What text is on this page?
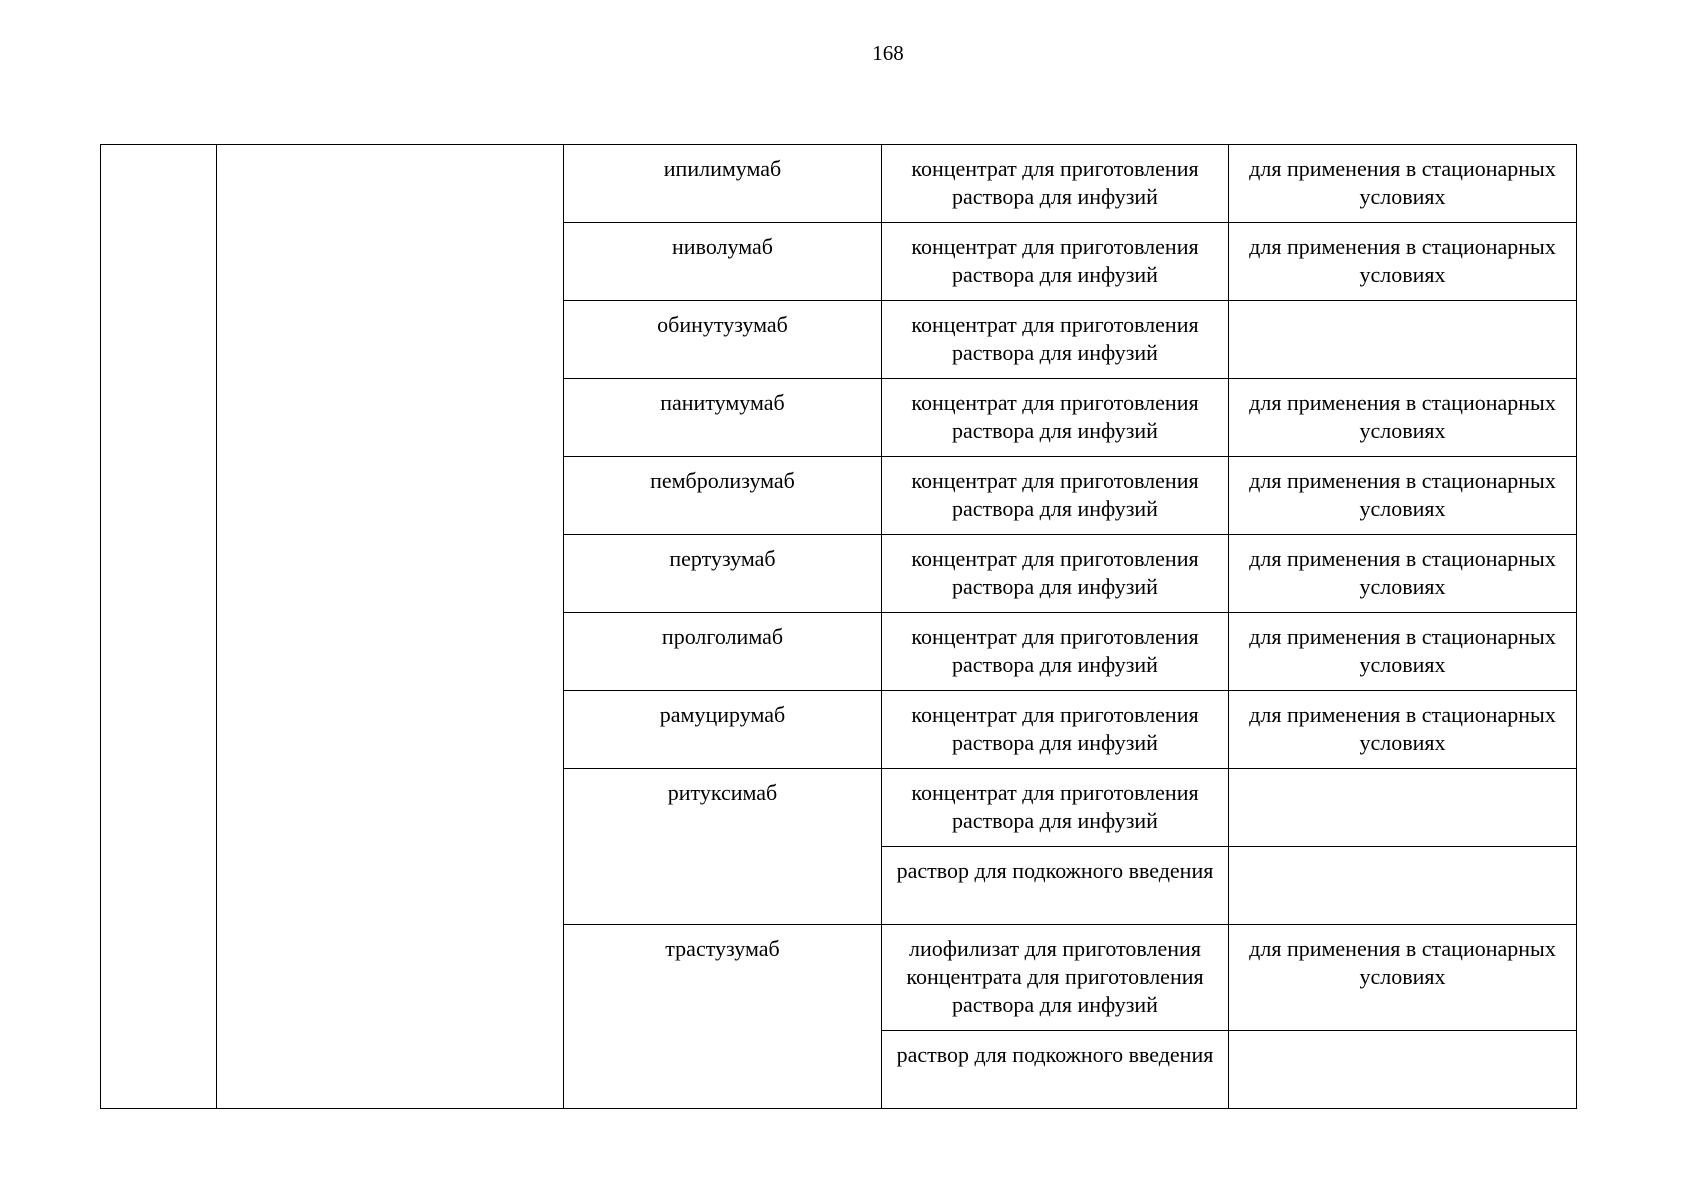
168
		ипилимумаб	концентрат для приготовления раствора для инфузий	для применения в стационарных условиях
		ниволумаб	концентрат для приготовления раствора для инфузий	для применения в стационарных условиях
		обинутузумаб	концентрат для приготовления раствора для инфузий	
		панитумумаб	концентрат для приготовления раствора для инфузий	для применения в стационарных условиях
		пембролизумаб	концентрат для приготовления раствора для инфузий	для применения в стационарных условиях
		пертузумаб	концентрат для приготовления раствора для инфузий	для применения в стационарных условиях
		пролголимаб	концентрат для приготовления раствора для инфузий	для применения в стационарных условиях
		рамуцирумаб	концентрат для приготовления раствора для инфузий	для применения в стационарных условиях
		ритуксимаб	концентрат для приготовления раствора для инфузий	
			раствор для подкожного введения	
		трастузумаб	лиофилизат для приготовления концентрата для приготовления раствора для инфузий	для применения в стационарных условиях
			раствор для подкожного введения	
